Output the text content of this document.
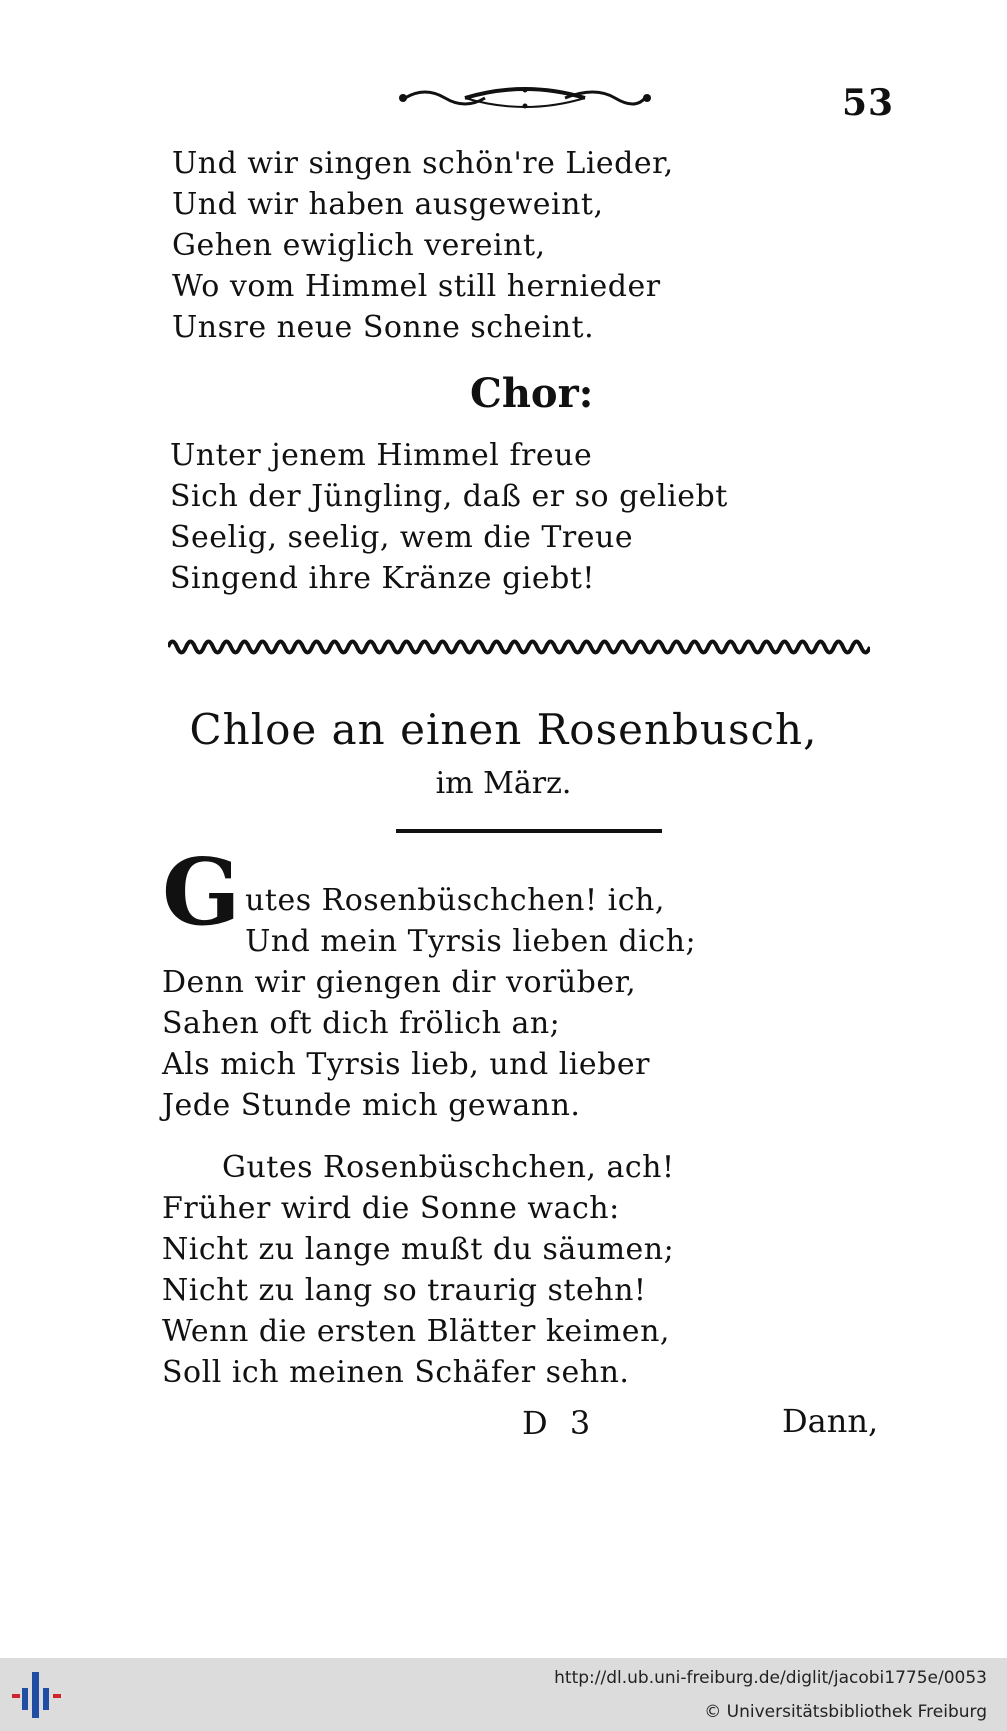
53
Und wir singen schön're Lieder,
Und wir haben ausgeweint,
Gehen ewiglich vereint,
Wo vom Himmel still hernieder
Unsre neue Sonne scheint.
Chor:
Unter jenem Himmel freue
Sich der Jüngling, daß er so geliebt
Seelig, seelig, wem die Treue
Singend ihre Kränze giebt!
Chloe an einen Rosenbusch,
im März.
G utes Rosenbüschchen! ich,
Und mein Tyrsis lieben dich;
Denn wir giengen dir vorüber,
Sahen oft dich frölich an;
Als mich Tyrsis lieb, und lieber
Jede Stunde mich gewann.
Gutes Rosenbüschchen, ach!
Früher wird die Sonne wach:
Nicht zu lange mußt du säumen;
Nicht zu lang so traurig stehn!
Wenn die ersten Blätter keimen,
Soll ich meinen Schäfer sehn.
D 3	Dann,
http://dl.ub.uni-freiburg.de/diglit/jacobi1775e/0053
© Universitätsbibliothek Freiburg
